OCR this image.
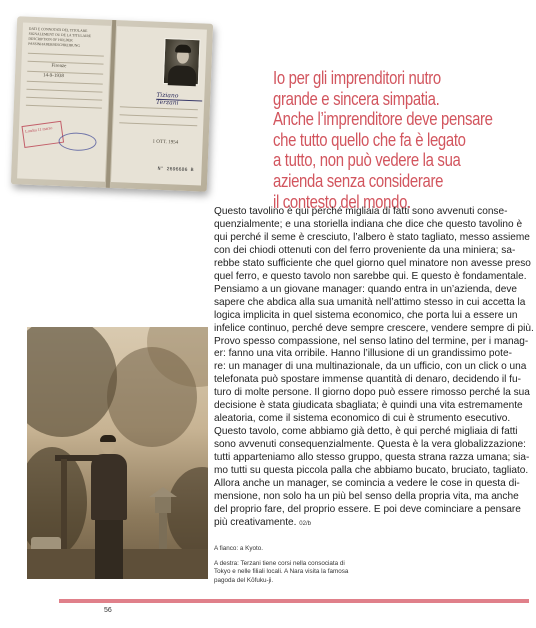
DATI E CONNOTATI DEL TITOLARE
SIGNALEMENT OU DE LA TITULAIRE
DESCRIPTION OF HOLDER
PASSINHABERBESCHREIBUNG
Firenze
14-9-1938
Londra 11 marzo
Tiziano Terzani
1 OTT. 1954
N° 2696686 B
Io per gli imprenditori nutro
grande e sincera simpatia.
Anche l’imprenditore deve pensare
che tutto quello che fa è legato
a tutto, non può vedere la sua
azienda senza considerare
il contesto del mondo.
Questo tavolino è qui perché migliaia di fatti sono avvenuti conse-
quenzialmente; e una storiella indiana che dice che questo tavolino è
qui perché il seme è cresciuto, l’albero è stato tagliato, messo assieme
con dei chiodi ottenuti con del ferro proveniente da una miniera; sa-
rebbe stato sufficiente che quel giorno quel minatore non avesse preso
quel ferro, e questo tavolo non sarebbe qui. E questo è fondamentale.
Pensiamo a un giovane manager: quando entra in un’azienda, deve
sapere che abdica alla sua umanità nell’attimo stesso in cui accetta la
logica implicita in quel sistema economico, che porta lui a essere un
infelice continuo, perché deve sempre crescere, vendere sempre di più.
Provo spesso compassione, nel senso latino del termine, per i manag-
er: fanno una vita orribile. Hanno l’illusione di un grandissimo pote-
re: un manager di una multinazionale, da un ufficio, con un click o una
telefonata può spostare immense quantità di denaro, decidendo il fu-
turo di molte persone. Il giorno dopo può essere rimosso perché la sua
decisione è stata giudicata sbagliata; è quindi una vita estremamente
aleatoria, come il sistema economico di cui è strumento esecutivo.
Questo tavolo, come abbiamo già detto, è qui perché migliaia di fatti
sono avvenuti consequenzialmente. Questa è la vera globalizzazione:
tutti apparteniamo allo stesso gruppo, questa strana razza umana; sia-
mo tutti su questa piccola palla che abbiamo bucato, bruciato, tagliato.
Allora anche un manager, se comincia a vedere le cose in questa di-
mensione, non solo ha un più bel senso della propria vita, ma anche
del proprio fare, del proprio essere. E poi deve cominciare a pensare
più creativamente. 02/b
A fianco: a Kyoto.
A destra: Terzani tiene corsi nella consociata di
Tokyo e nelle filiali locali. A Nara visita la famosa
pagoda del Kōfuku-ji.
56
